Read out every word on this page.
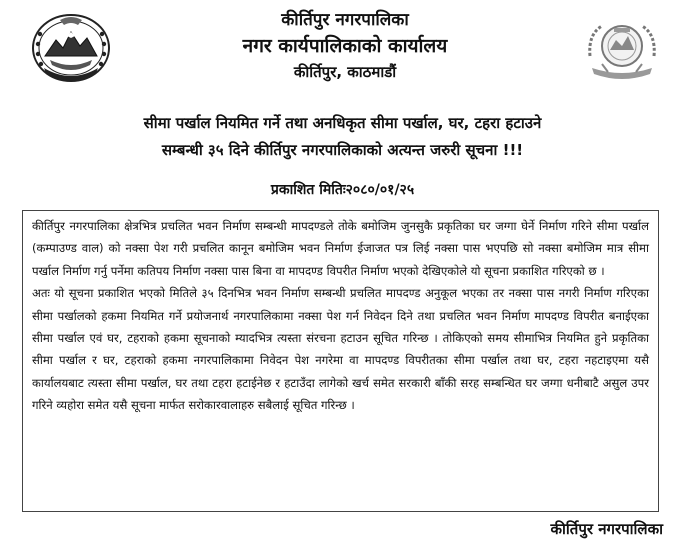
कीर्तिपुर नगरपालिका
नगर कार्यपालिकाको कार्यालय
कीर्तिपुर, काठमाडौं
सीमा पर्खाल नियमित गर्ने तथा अनधिकृत सीमा पर्खाल, घर, टहरा हटाउने
सम्बन्धी ३५ दिने कीर्तिपुर नगरपालिकाको अत्यन्त जरुरी सूचना !!!
प्रकाशित मितिः२०८०/०१/२५

कीर्तिपुर नगरपालिका क्षेत्रभित्र प्रचलित भवन निर्माण सम्बन्धी मापदण्डले तोके बमोजिम जुनसुकै प्रकृतिका घर जग्गा घेर्ने निर्माण गरिने सीमा पर्खाल (कम्पाउण्ड वाल) को नक्सा पेश गरी प्रचलित कानून बमोजिम भवन निर्माण ईजाजत पत्र लिई नक्सा पास भएपछि सो नक्सा बमोजिम मात्र सीमा पर्खाल निर्माण गर्नु पर्नेमा कतिपय निर्माण नक्सा पास बिना वा मापदण्ड विपरीत निर्माण भएको देखिएकोले यो सूचना प्रकाशित गरिएको छ ।

अतः यो सूचना प्रकाशित भएको मितिले ३५ दिनभित्र भवन निर्माण सम्बन्धी प्रचलित मापदण्ड अनुकूल भएका तर नक्सा पास नगरी निर्माण गरिएका सीमा पर्खालको हकमा नियमित गर्ने प्रयोजनार्थ नगरपालिकामा नक्सा पेश गर्न निवेदन दिने तथा प्रचलित भवन निर्माण मापदण्ड विपरीत बनाईएका सीमा पर्खाल एवं घर, टहराको हकमा सूचनाको म्यादभित्र त्यस्ता संरचना हटाउन सूचित गरिन्छ । तोकिएको समय सीमाभित्र नियमित हुने प्रकृतिका सीमा पर्खाल र घर, टहराको हकमा नगरपालिकामा निवेदन पेश नगरेमा वा मापदण्ड विपरीतका सीमा पर्खाल तथा घर, टहरा नहटाइएमा यसै कार्यालयबाट त्यस्ता सीमा पर्खाल, घर तथा टहरा हटाईनेछ र हटाउँदा लागेको खर्च समेत सरकारी बाँकी सरह सम्बन्धित घर जग्गा धनीबाटै असुल उपर गरिने व्यहोरा समेत यसै सूचना मार्फत सरोकारवालाहरु सबैलाई सूचित गरिन्छ ।

कीर्तिपुर नगरपालिका
